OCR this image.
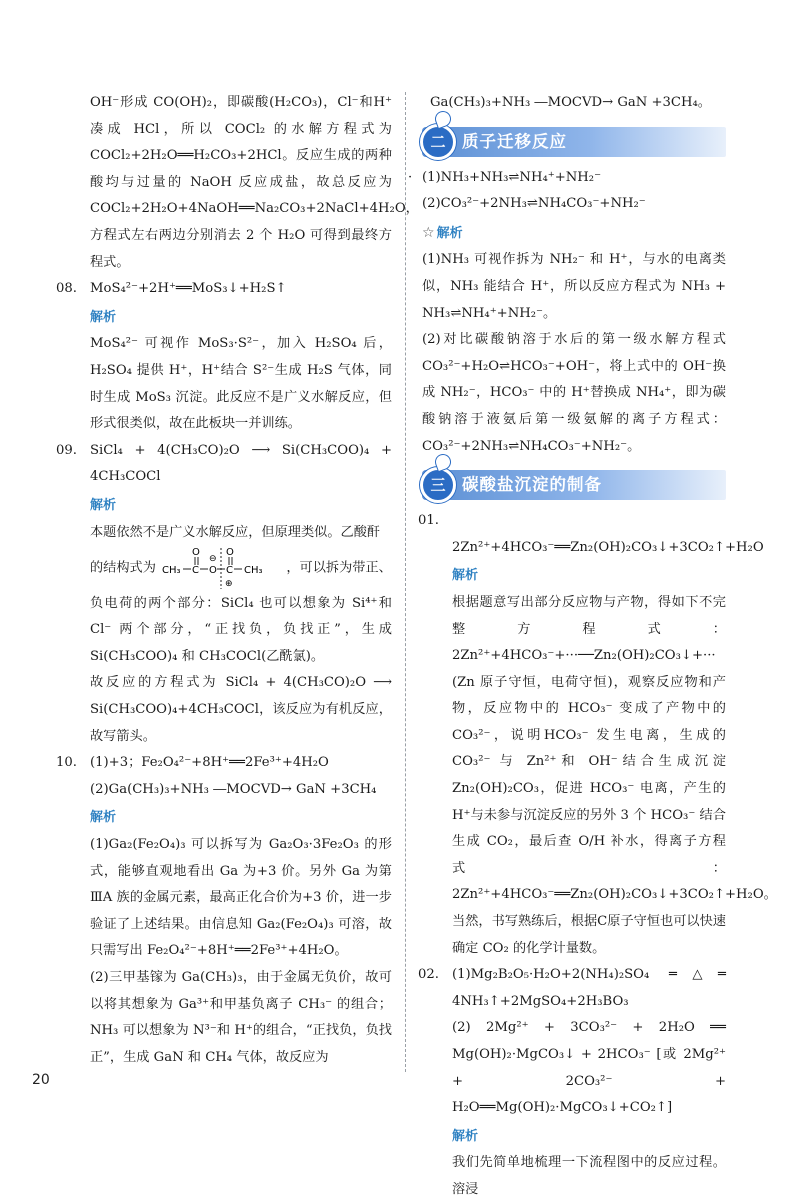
OH⁻形成 CO(OH)₂，即碳酸(H₂CO₃)，Cl⁻和H⁺凑成 HCl，所以 COCl₂ 的水解方程式为COCl₂+2H₂O══H₂CO₃+2HCl。反应生成的两种酸均与过量的 NaOH 反应成盐，故总反应为COCl₂+2H₂O+4NaOH══Na₂CO₃+2NaCl+4H₂O，方程式左右两边分别消去 2 个 H₂O 可得到最终方程式。

08. MoS₄²⁻+2H⁺══MoS₃↓+H₂S↑

解析

MoS₄²⁻ 可视作 MoS₃·S²⁻，加入 H₂SO₄ 后，H₂SO₄ 提供 H⁺，H⁺结合 S²⁻生成 H₂S 气体，同时生成 MoS₃ 沉淀。此反应不是广义水解反应，但形式很类似，故在此板块一并训练。

09. SiCl₄ + 4(CH₃CO)₂O ⟶ Si(CH₃COO)₄ + 4CH₃COCl

解析

本题依然不是广义水解反应，但原理类似。乙酸酐

的结构式为 CH₃ C
O
O
⊖
C
O
⊕
CH₃ ，可以拆为带正、

负电荷的两个部分：SiCl₄ 也可以想象为 Si⁴⁺和 Cl⁻ 两个部分，“正找负，负找正”，生成 Si(CH₃COO)₄ 和 CH₃COCl(乙酰氯)。

故反应的方程式为 SiCl₄ + 4(CH₃CO)₂O ⟶ Si(CH₃COO)₄+4CH₃COCl，该反应为有机反应，故写箭头。

10. (1)+3；Fe₂O₄²⁻+8H⁺══2Fe³⁺+4H₂O

(2)Ga(CH₃)₃+NH₃ ―MOCVD→ GaN +3CH₄

解析

(1)Ga₂(Fe₂O₄)₃ 可以拆写为 Ga₂O₃·3Fe₂O₃ 的形式，能够直观地看出 Ga 为+3 价。另外 Ga 为第ⅢA 族的金属元素，最高正化合价为+3 价，进一步验证了上述结果。由信息知 Ga₂(Fe₂O₄)₃ 可溶，故只需写出 Fe₂O₄²⁻+8H⁺══2Fe³⁺+4H₂O。

(2)三甲基镓为 Ga(CH₃)₃，由于金属无负价，故可以将其想象为 Ga³⁺和甲基负离子 CH₃⁻ 的组合；NH₃ 可以想象为 N³⁻和 H⁺的组合，“正找负，负找正”，生成 GaN 和 CH₄ 气体，故反应为

Ga(CH₃)₃+NH₃ ―MOCVD→ GaN +3CH₄。

二	质子迁移反应

· (1)NH₃+NH₃⇌NH₄⁺+NH₂⁻

(2)CO₃²⁻+2NH₃⇌NH₄CO₃⁻+NH₂⁻

☆ 解析

(1)NH₃ 可视作拆为 NH₂⁻ 和 H⁺，与水的电离类似，NH₃ 能结合 H⁺，所以反应方程式为 NH₃ + NH₃⇌NH₄⁺+NH₂⁻。

(2)对比碳酸钠溶于水后的第一级水解方程式CO₃²⁻+H₂O⇌HCO₃⁻+OH⁻，将上式中的 OH⁻换成 NH₂⁻，HCO₃⁻ 中的 H⁺替换成 NH₄⁺，即为碳酸钠溶于液氨后第一级氨解的离子方程式：CO₃²⁻+2NH₃⇌NH₄CO₃⁻+NH₂⁻。

三	碳酸盐沉淀的制备

01.2Zn²⁺+4HCO₃⁻══Zn₂(OH)₂CO₃↓+3CO₂↑+H₂O

解析

根据题意写出部分反应物与产物，得如下不完整方程式：2Zn²⁺+4HCO₃⁻+···──Zn₂(OH)₂CO₃↓+···

(Zn 原子守恒，电荷守恒)，观察反应物和产物，反应物中的 HCO₃⁻ 变成了产物中的 CO₃²⁻，说明HCO₃⁻ 发生电离，生成的 CO₃²⁻ 与 Zn²⁺和 OH⁻结合生成沉淀 Zn₂(OH)₂CO₃，促进 HCO₃⁻ 电离，产生的 H⁺与未参与沉淀反应的另外 3 个 HCO₃⁻ 结合生成 CO₂，最后查 O/H 补水，得离子方程式：2Zn²⁺+4HCO₃⁻══Zn₂(OH)₂CO₃↓+3CO₂↑+H₂O。当然，书写熟练后，根据C原子守恒也可以快速确定 CO₂ 的化学计量数。

02. (1)Mg₂B₂O₅·H₂O+2(NH₄)₂SO₄ ═△═ 4NH₃↑+2MgSO₄+2H₃BO₃

(2) 2Mg²⁺ + 3CO₃²⁻ + 2H₂O ══ Mg(OH)₂·MgCO₃↓ + 2HCO₃⁻ [或 2Mg²⁺ + 2CO₃²⁻ + H₂O══Mg(OH)₂·MgCO₃↓+CO₂↑]

解析

我们先简单地梳理一下流程图中的反应过程。溶浸

20
